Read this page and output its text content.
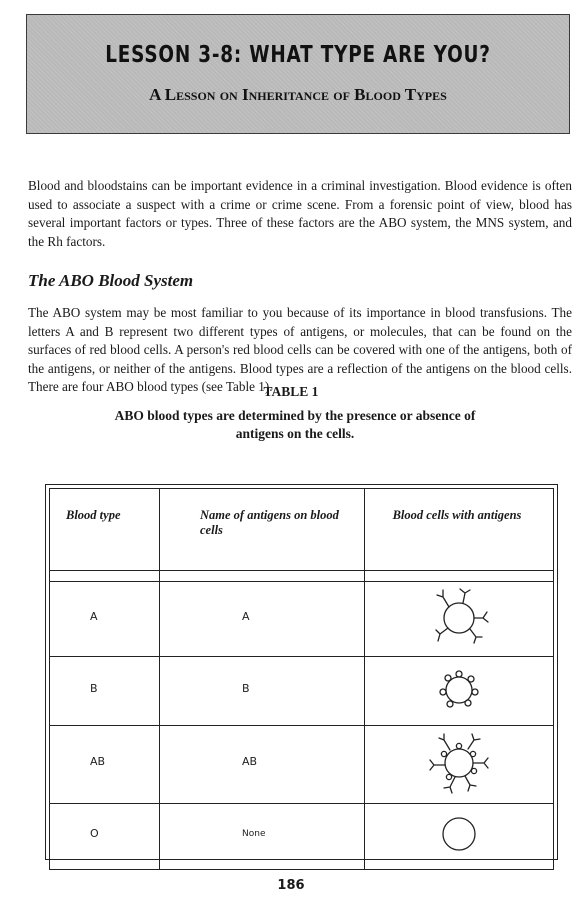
LESSON 3-8: WHAT TYPE ARE YOU?
A Lesson on Inheritance of Blood Types

Blood and bloodstains can be important evidence in a criminal investigation. Blood evidence is often used to associate a suspect with a crime or crime scene. From a forensic point of view, blood has several important factors or types. Three of these factors are the ABO system, the MNS system, and the Rh factors.

The ABO Blood System

The ABO system may be most familiar to you because of its importance in blood transfusions. The letters A and B represent two different types of antigens, or molecules, that can be found on the surfaces of red blood cells. A person's red blood cells can be covered with one of the antigens, both of the antigens, or neither of the antigens. Blood types are a reflection of the antigens on the blood cells. There are four ABO blood types (see Table 1).

TABLE 1
ABO blood types are determined by the presence or absence of antigens on the cells.
Blood type	Name of antigens on blood cells	Blood cells with antigens

A	A	
B	B	
AB	AB	
O	None	
186
